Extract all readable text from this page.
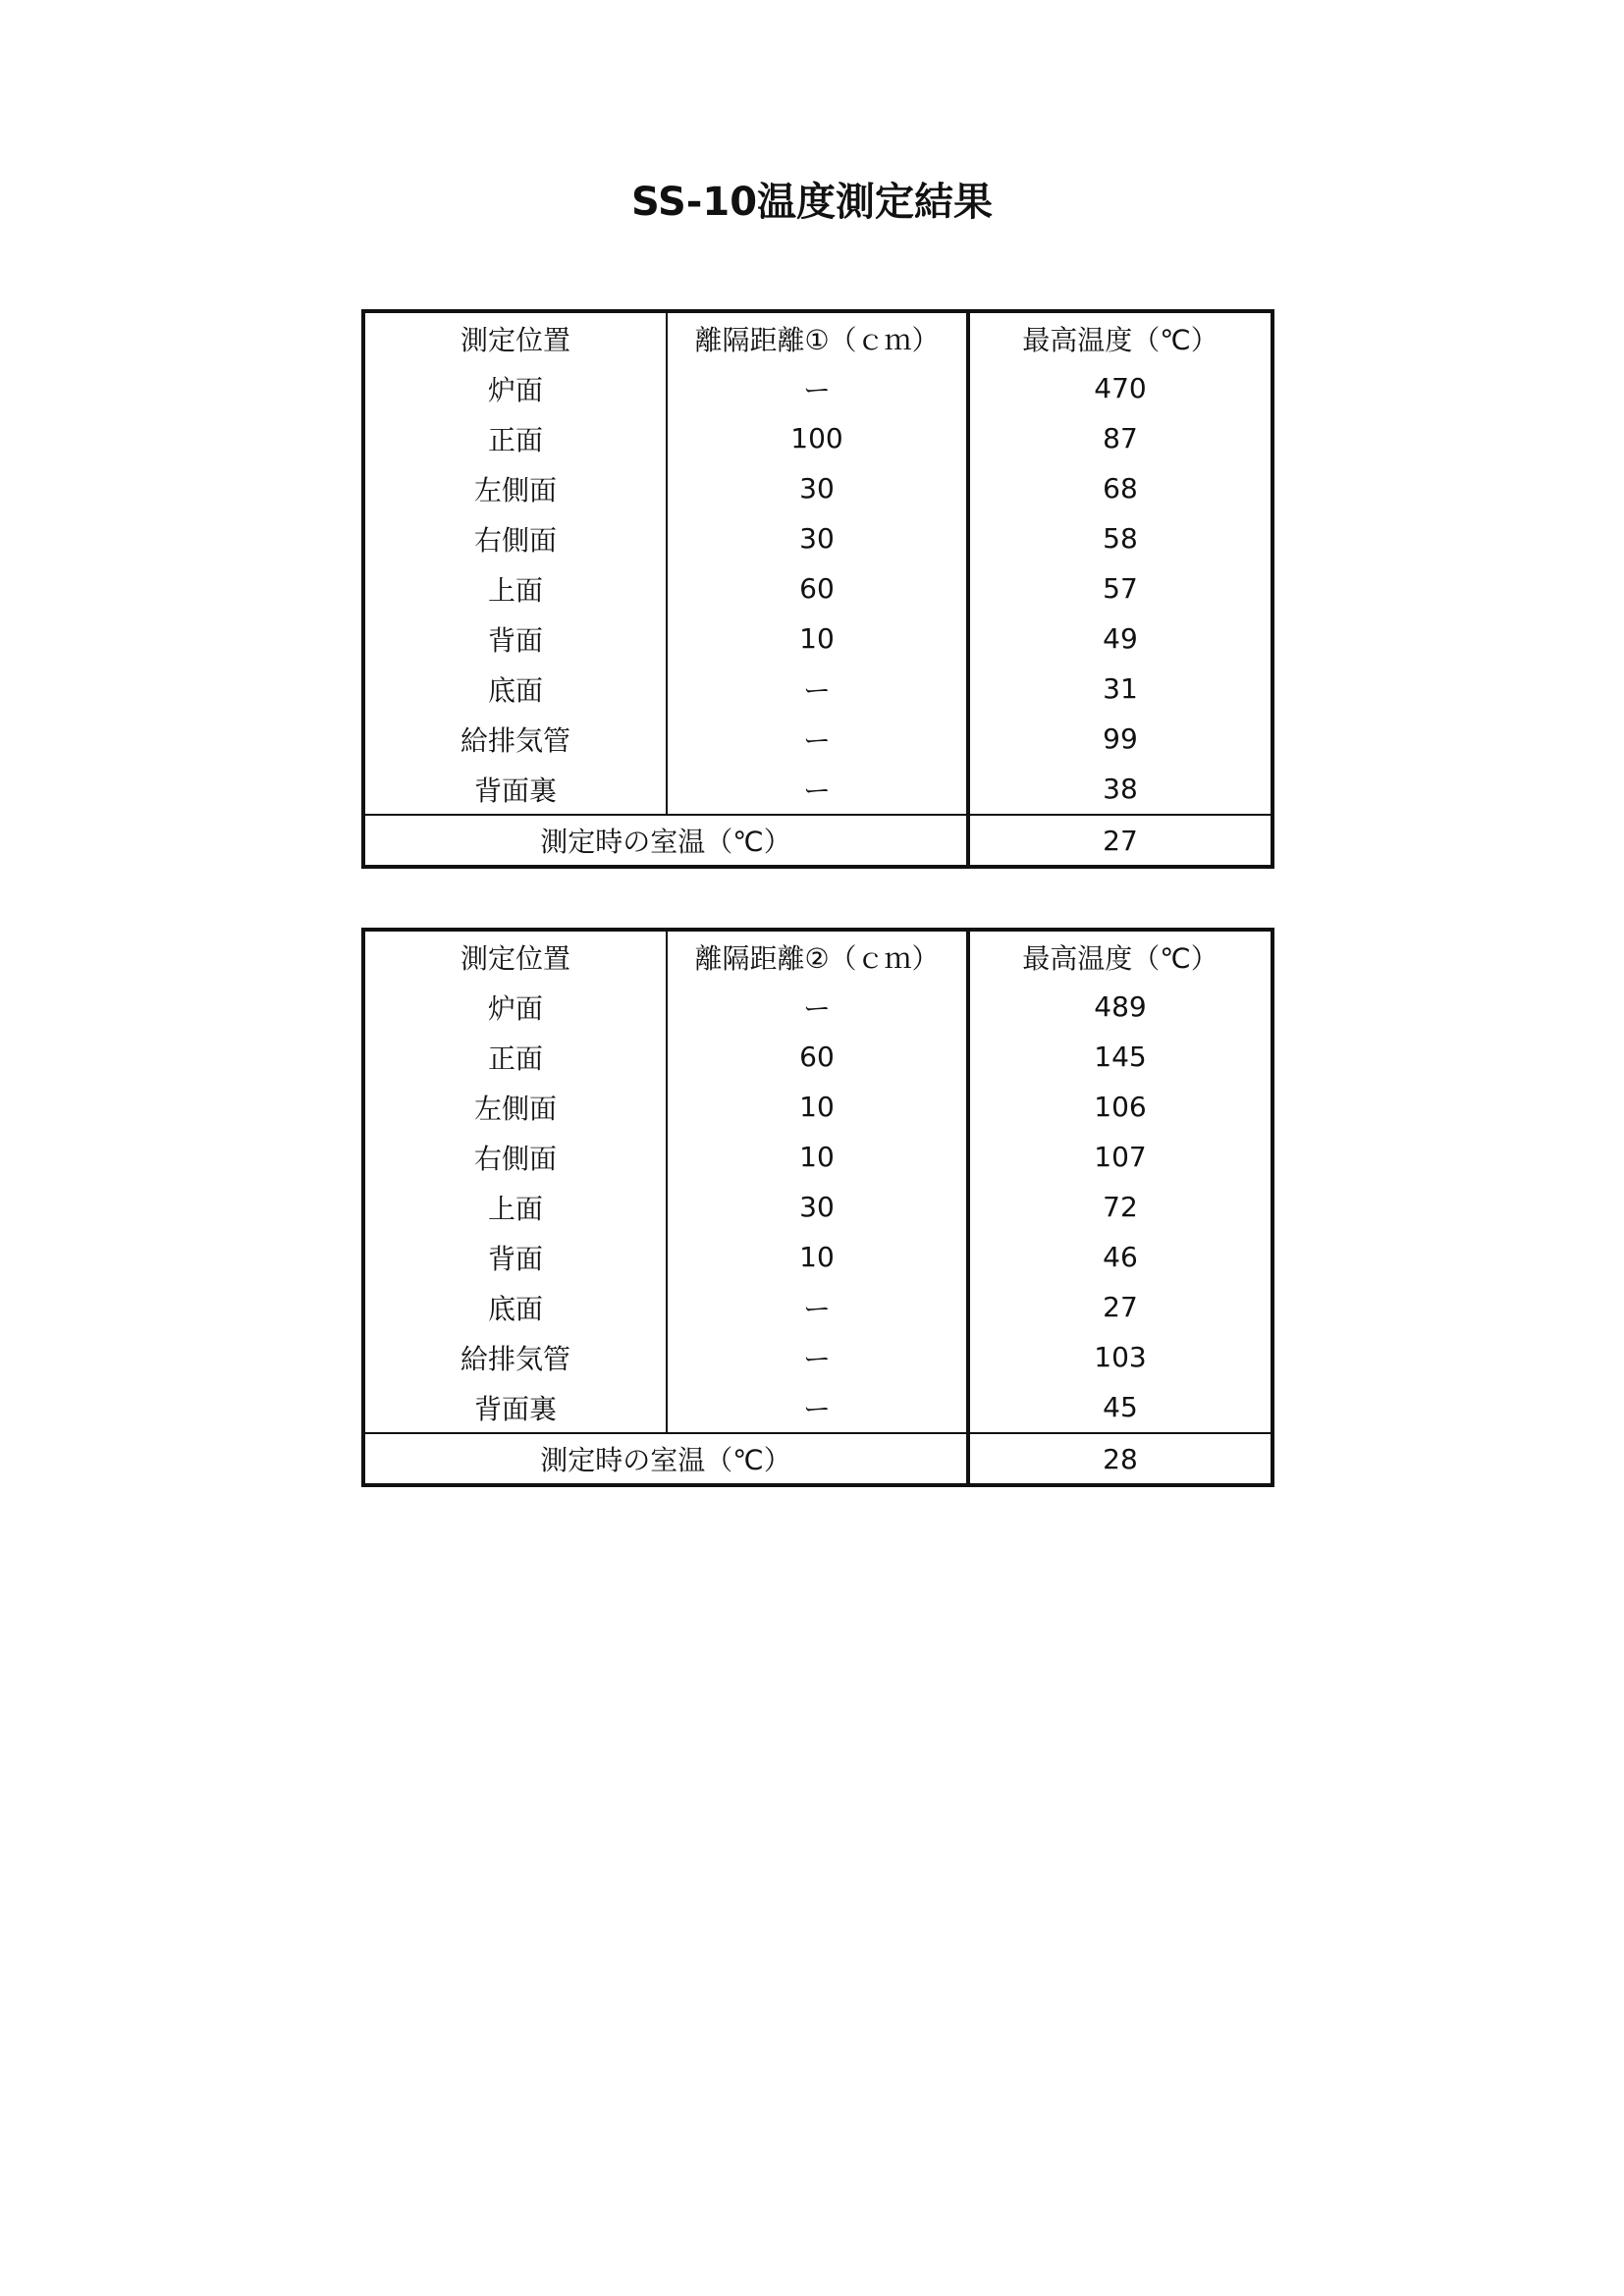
SS-10温度測定結果
測定位置	離隔距離①（ｃｍ）	最高温度（℃）
炉面	ー	470
正面	100	87
左側面	30	68
右側面	30	58
上面	60	57
背面	10	49
底面	ー	31
給排気管	ー	99
背面裏	ー	38
測定時の室温（℃）		27
測定位置	離隔距離②（ｃｍ）	最高温度（℃）
炉面	ー	489
正面	60	145
左側面	10	106
右側面	10	107
上面	30	72
背面	10	46
底面	ー	27
給排気管	ー	103
背面裏	ー	45
測定時の室温（℃）		28
